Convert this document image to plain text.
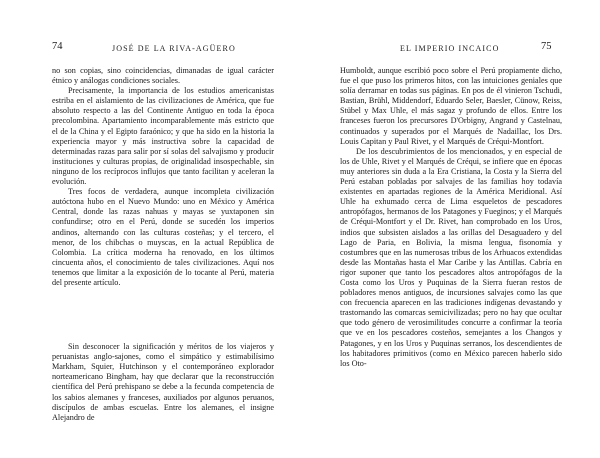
74	JOSÉ DE LA RIVA-AGÜERO

no son copias, sino coincidencias, dimanadas de igual carácter étnico y análogas condiciones sociales.

Precisamente, la importancia de los estudios americanistas estriba en el aislamiento de las civilizaciones de América, que fue absoluto respecto a las del Continente Antiguo en toda la época precolombina. Apartamiento incomparablemente más estricto que el de la China y el Egipto faraónico; y que ha sido en la historia la experiencia mayor y más instructiva sobre la capacidad de determinadas razas para salir por sí solas del salvajismo y producir instituciones y culturas propias, de originalidad insospechable, sin ninguno de los recíprocos influjos que tanto facilitan y aceleran la evolución.

Tres focos de verdadera, aunque incompleta civilización autóctona hubo en el Nuevo Mundo: uno en México y América Central, donde las razas nahuas y mayas se yuxtaponen sin confundirse; otro en el Perú, donde se sucedén los imperios andinos, alternando con las culturas costeñas; y el tercero, el menor, de los chibchas o muyscas, en la actual República de Colombia. La crítica moderna ha renovado, en los últimos cincuenta años, el conocimiento de tales civilizaciones. Aquí nos tenemos que limitar a la exposición de lo tocante al Perú, materia del presente artículo.

Sin desconocer la significación y méritos de los viajeros y peruanistas anglo-sajones, como el simpático y estimabilísimo Markham, Squier, Hutchinson y el contemporáneo explorador norteamericano Bingham, hay que declarar que la reconstrucción científica del Perú prehispano se debe a la fecunda competencia de los sabios alemanes y franceses, auxiliados por algunos peruanos, discípulos de ambas escuelas. Entre los alemanes, el insigne Alejandro de

EL IMPERIO INCAICO	75

Humboldt, aunque escribió poco sobre el Perú propiamente dicho, fue el que puso los primeros hitos, con las intuiciones geniales que solía derramar en todas sus páginas. En pos de él vinieron Tschudi, Bastian, Brühl, Middendorf, Eduardo Seler, Baesler, Cünow, Reiss, Stübel y Max Uhle, el más sagaz y profundo de ellos. Entre los franceses fueron los precursores D'Orbigny, Angrand y Castelnau, continuados y superados por el Marqués de Nadaillac, los Drs. Louis Capitan y Paul Rivet, y el Marqués de Créqui-Montfort.

De los descubrimientos de los mencionados, y en especial de los de Uhle, Rivet y el Marqués de Créqui, se infiere que en épocas muy anteriores sin duda a la Era Cristiana, la Costa y la Sierra del Perú estaban pobladas por salvajes de las familias hoy todavía existentes en apartadas regiones de la América Meridional. Así Uhle ha exhumado cerca de Lima esqueletos de pescadores antropófagos, hermanos de los Patagones y Fueginos; y el Marqués de Créqui-Montfort y el Dr. Rivet, han comprobado en los Uros, indios que subsisten aislados a las orillas del Desaguadero y del Lago de Paria, en Bolivia, la misma lengua, fisonomía y costumbres que en las numerosas tribus de los Arhuacos extendidas desde las Montañas hasta el Mar Caribe y las Antillas. Cabría en rigor suponer que tanto los pescadores altos antropófagos de la Costa como los Uros y Puquinas de la Sierra fueran restos de pobladores menos antiguos, de incursiones salvajes como las que con frecuencia aparecen en las tradiciones indígenas devastando y trastornando las comarcas semicivilizadas; pero no hay que ocultar que todo género de verosimilitudes concurre a confirmar la teoría que ve en los pescadores costeños, semejantes a los Changos y Patagones, y en los Uros y Puquinas serranos, los descendientes de los habitadores primitivos (como en México parecen haberlo sido los Oto-
